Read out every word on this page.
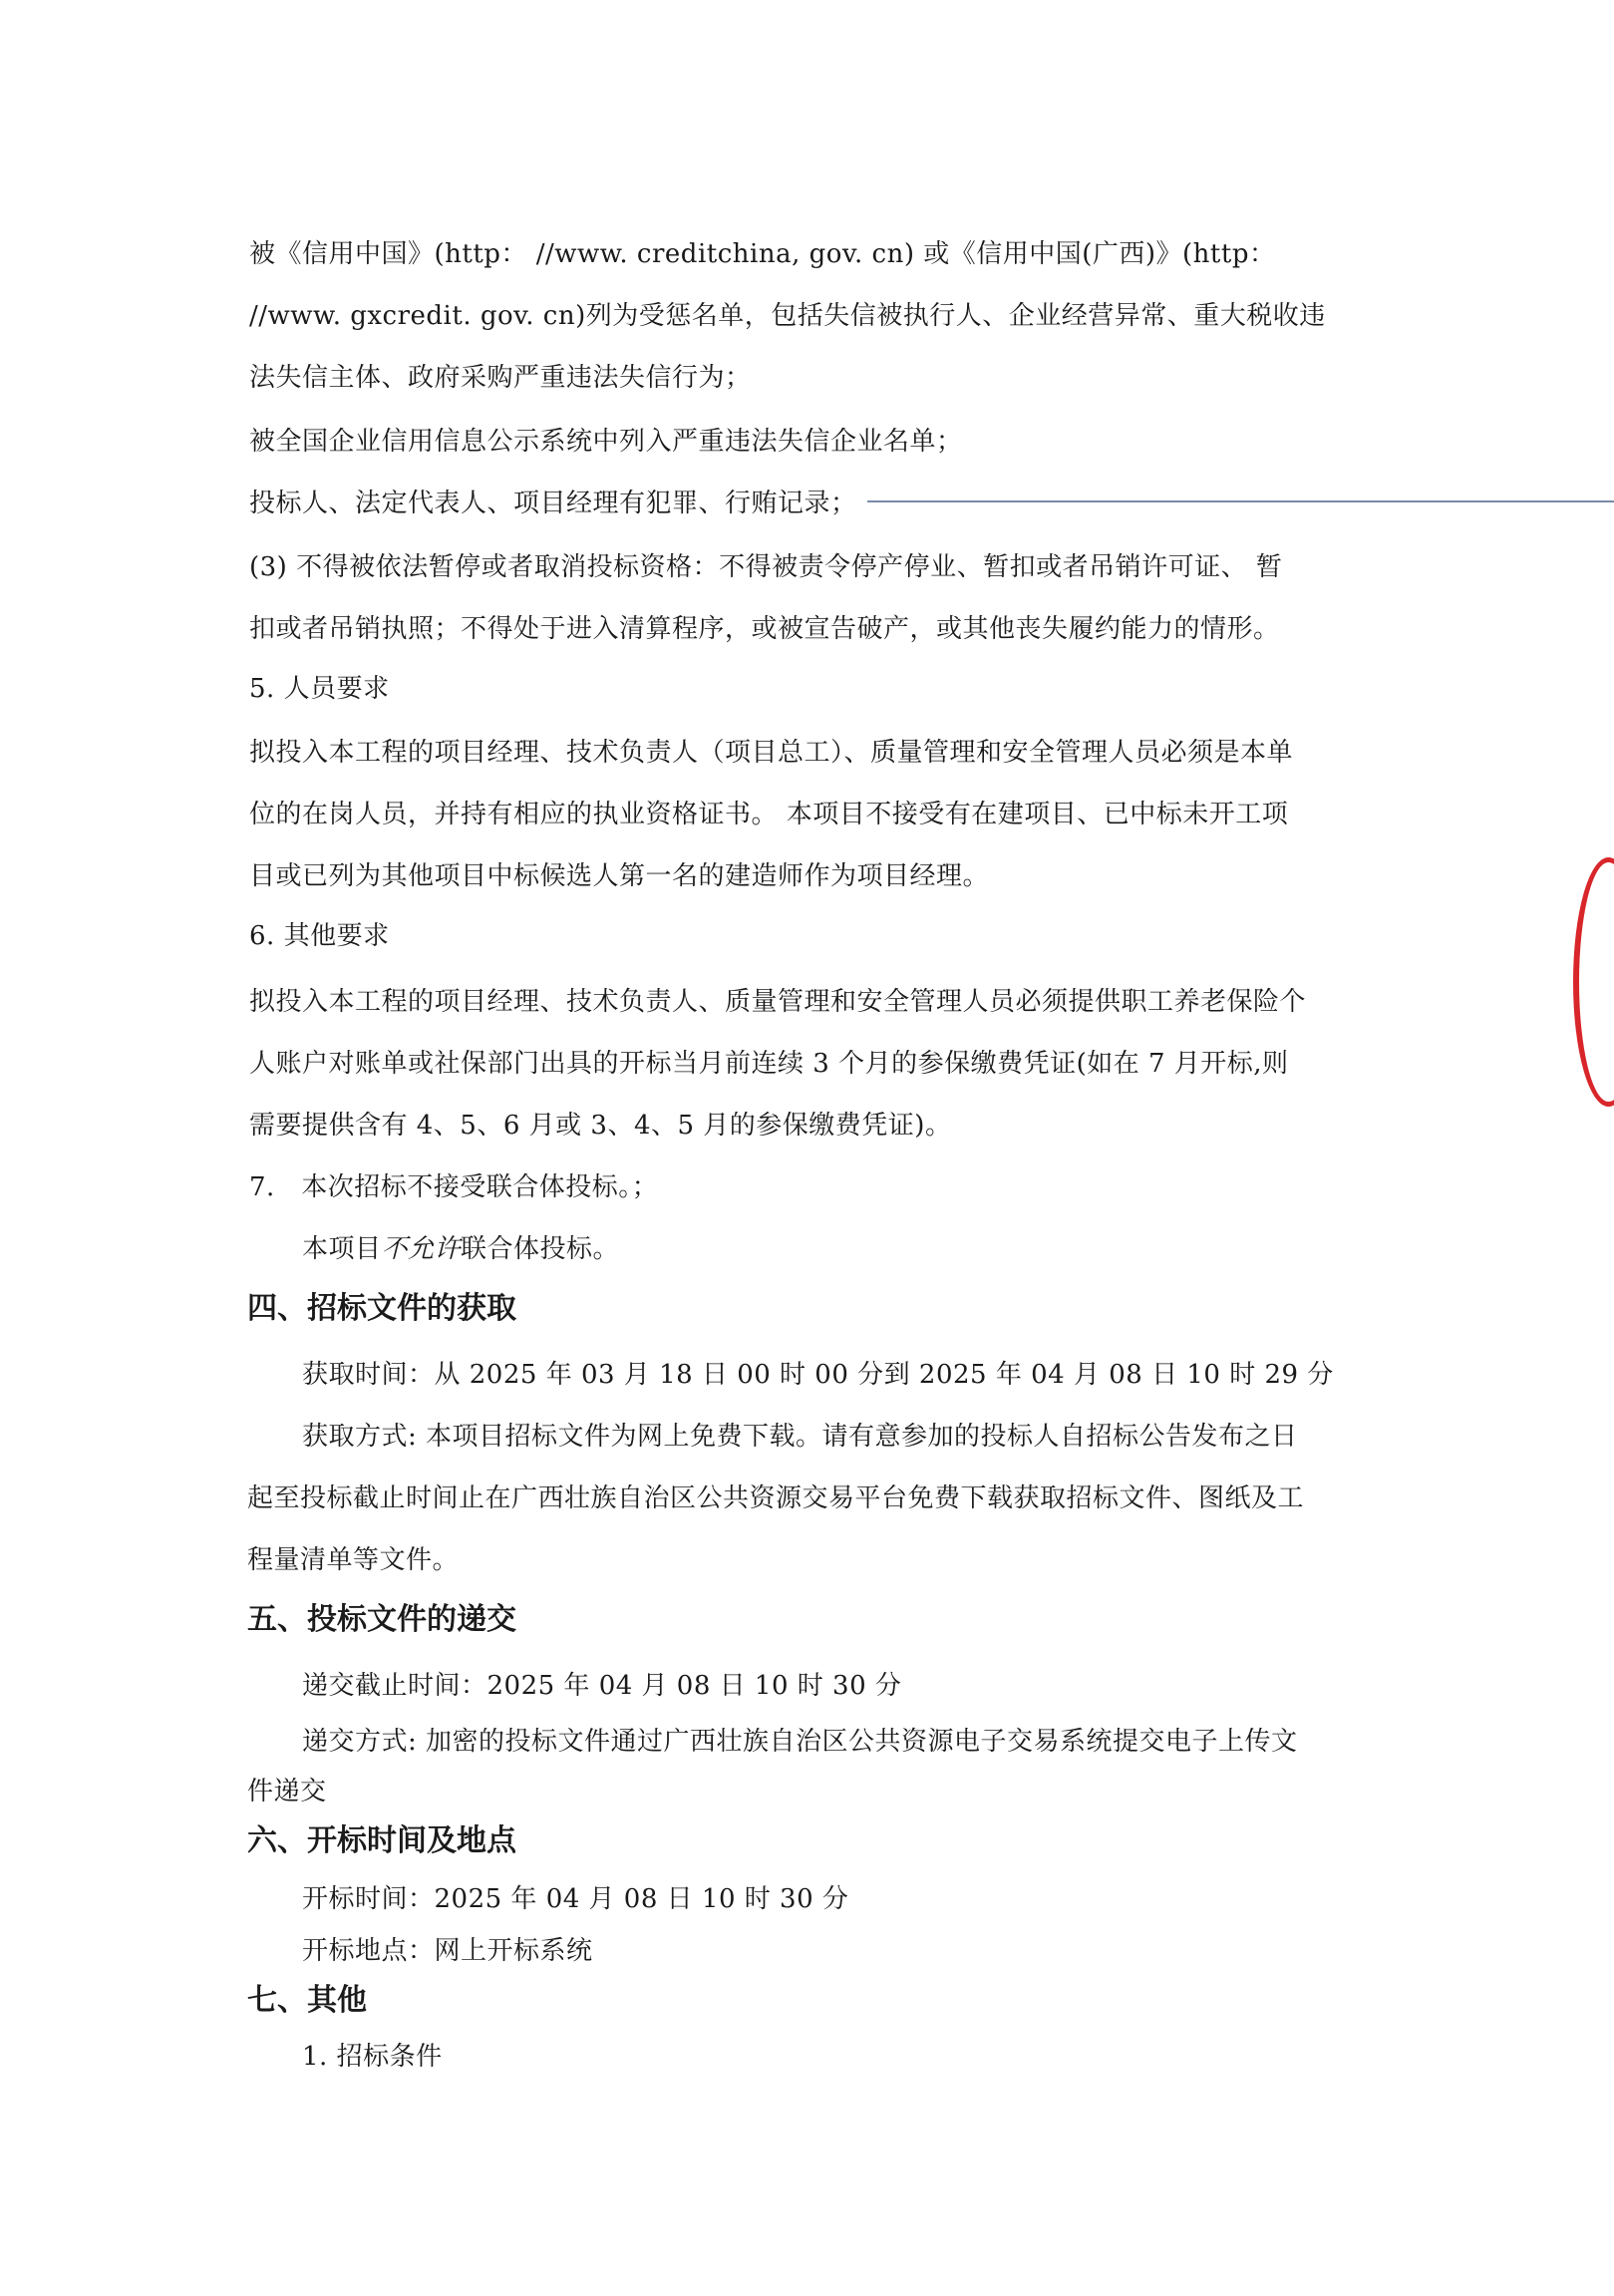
被《信用中国》(http： //www. creditchina, gov. cn) 或《信用中国(广西)》(http：
//www. gxcredit. gov. cn)列为受惩名单，包括失信被执行人、企业经营异常、重大税收违
法失信主体、政府采购严重违法失信行为；
被全国企业信用信息公示系统中列入严重违法失信企业名单；
投标人、法定代表人、项目经理有犯罪、行贿记录；
(3) 不得被依法暂停或者取消投标资格：不得被责令停产停业、暂扣或者吊销许可证、 暂
扣或者吊销执照；不得处于进入清算程序，或被宣告破产，或其他丧失履约能力的情形。
5. 人员要求
拟投入本工程的项目经理、技术负责人（项目总工）、质量管理和安全管理人员必须是本单
位的在岗人员，并持有相应的执业资格证书。 本项目不接受有在建项目、已中标未开工项
目或已列为其他项目中标候选人第一名的建造师作为项目经理。
6. 其他要求
拟投入本工程的项目经理、技术负责人、质量管理和安全管理人员必须提供职工养老保险个
人账户对账单或社保部门出具的开标当月前连续 3 个月的参保缴费凭证(如在 7 月开标,则
需要提供含有 4、5、6 月或 3、4、5 月的参保缴费凭证)。
7.　本次招标不接受联合体投标。；
本项目不允许联合体投标。
四、招标文件的获取
获取时间：从 2025 年 03 月 18 日 00 时 00 分到 2025 年 04 月 08 日 10 时 29 分
获取方式: 本项目招标文件为网上免费下载。请有意参加的投标人自招标公告发布之日
起至投标截止时间止在广西壮族自治区公共资源交易平台免费下载获取招标文件、图纸及工
程量清单等文件。
五、投标文件的递交
递交截止时间：2025 年 04 月 08 日 10 时 30 分
递交方式: 加密的投标文件通过广西壮族自治区公共资源电子交易系统提交电子上传文
件递交
六、开标时间及地点
开标时间：2025 年 04 月 08 日 10 时 30 分
开标地点：网上开标系统
七、其他
1. 招标条件
